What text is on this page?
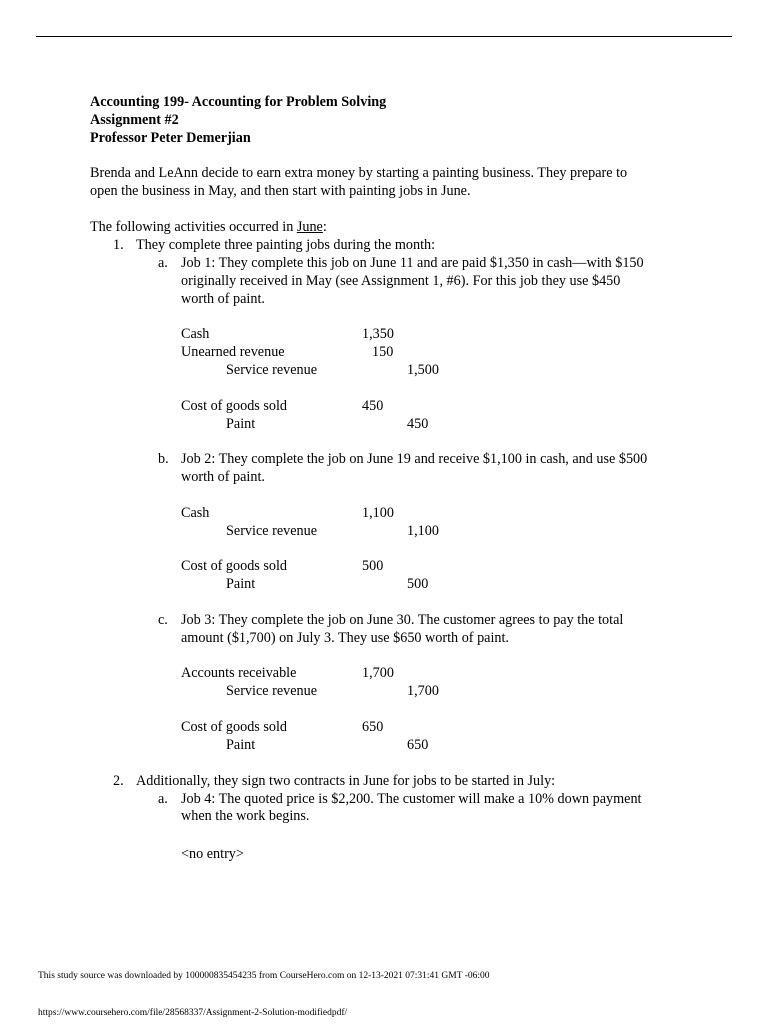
Accounting 199- Accounting for Problem Solving
Assignment #2
Professor Peter Demerjian
Brenda and LeAnn decide to earn extra money by starting a painting business. They prepare to
open the business in May, and then start with painting jobs in June.
The following activities occurred in June:
1. They complete three painting jobs during the month:
a. Job 1: They complete this job on June 11 and are paid $1,350 in cash—with $150
originally received in May (see Assignment 1, #6). For this job they use $450
worth of paint.
Cash	1,350
Unearned revenue	150
Service revenue	1,500
Cost of goods sold	450
Paint	450
b. Job 2: They complete the job on June 19 and receive $1,100 in cash, and use $500
worth of paint.
Cash	1,100
Service revenue	1,100
Cost of goods sold	500
Paint	500
c. Job 3: They complete the job on June 30. The customer agrees to pay the total
amount ($1,700) on July 3. They use $650 worth of paint.
Accounts receivable	1,700
Service revenue	1,700
Cost of goods sold	650
Paint	650
2. Additionally, they sign two contracts in June for jobs to be started in July:
a. Job 4: The quoted price is $2,200. The customer will make a 10% down payment
when the work begins.
<no entry>
This study source was downloaded by 100000835454235 from CourseHero.com on 12-13-2021 07:31:41 GMT -06:00
https://www.coursehero.com/file/28568337/Assignment-2-Solution-modifiedpdf/
